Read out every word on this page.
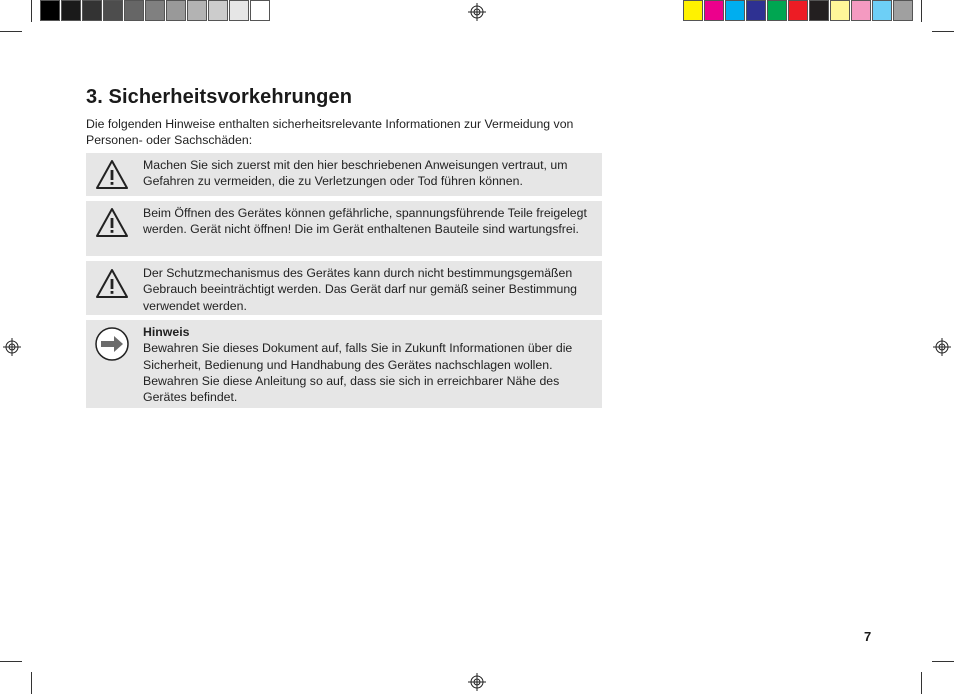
3. Sicherheitsvorkehrungen
Die folgenden Hinweise enthalten sicherheitsrelevante Informationen zur Vermeidung von Personen- oder Sachschäden:
Machen Sie sich zuerst mit den hier beschriebenen Anweisungen vertraut, um Gefahren zu vermeiden, die zu Verletzungen oder Tod führen können.
Beim Öffnen des Gerätes können gefährliche, spannungsführende Teile freigelegt werden. Gerät nicht öffnen! Die im Gerät enthaltenen Bauteile sind wartungsfrei.
Der Schutzmechanismus des Gerätes kann durch nicht bestimmungsgemäßen Gebrauch beeinträchtigt werden. Das Gerät darf nur gemäß seiner Bestimmung verwendet werden.
Hinweis
Bewahren Sie dieses Dokument auf, falls Sie in Zukunft Informationen über die Sicherheit, Bedienung und Handhabung des Gerätes nachschlagen wollen. Bewahren Sie diese Anleitung so auf, dass sie sich in erreichbarer Nähe des Gerätes befindet.
7
